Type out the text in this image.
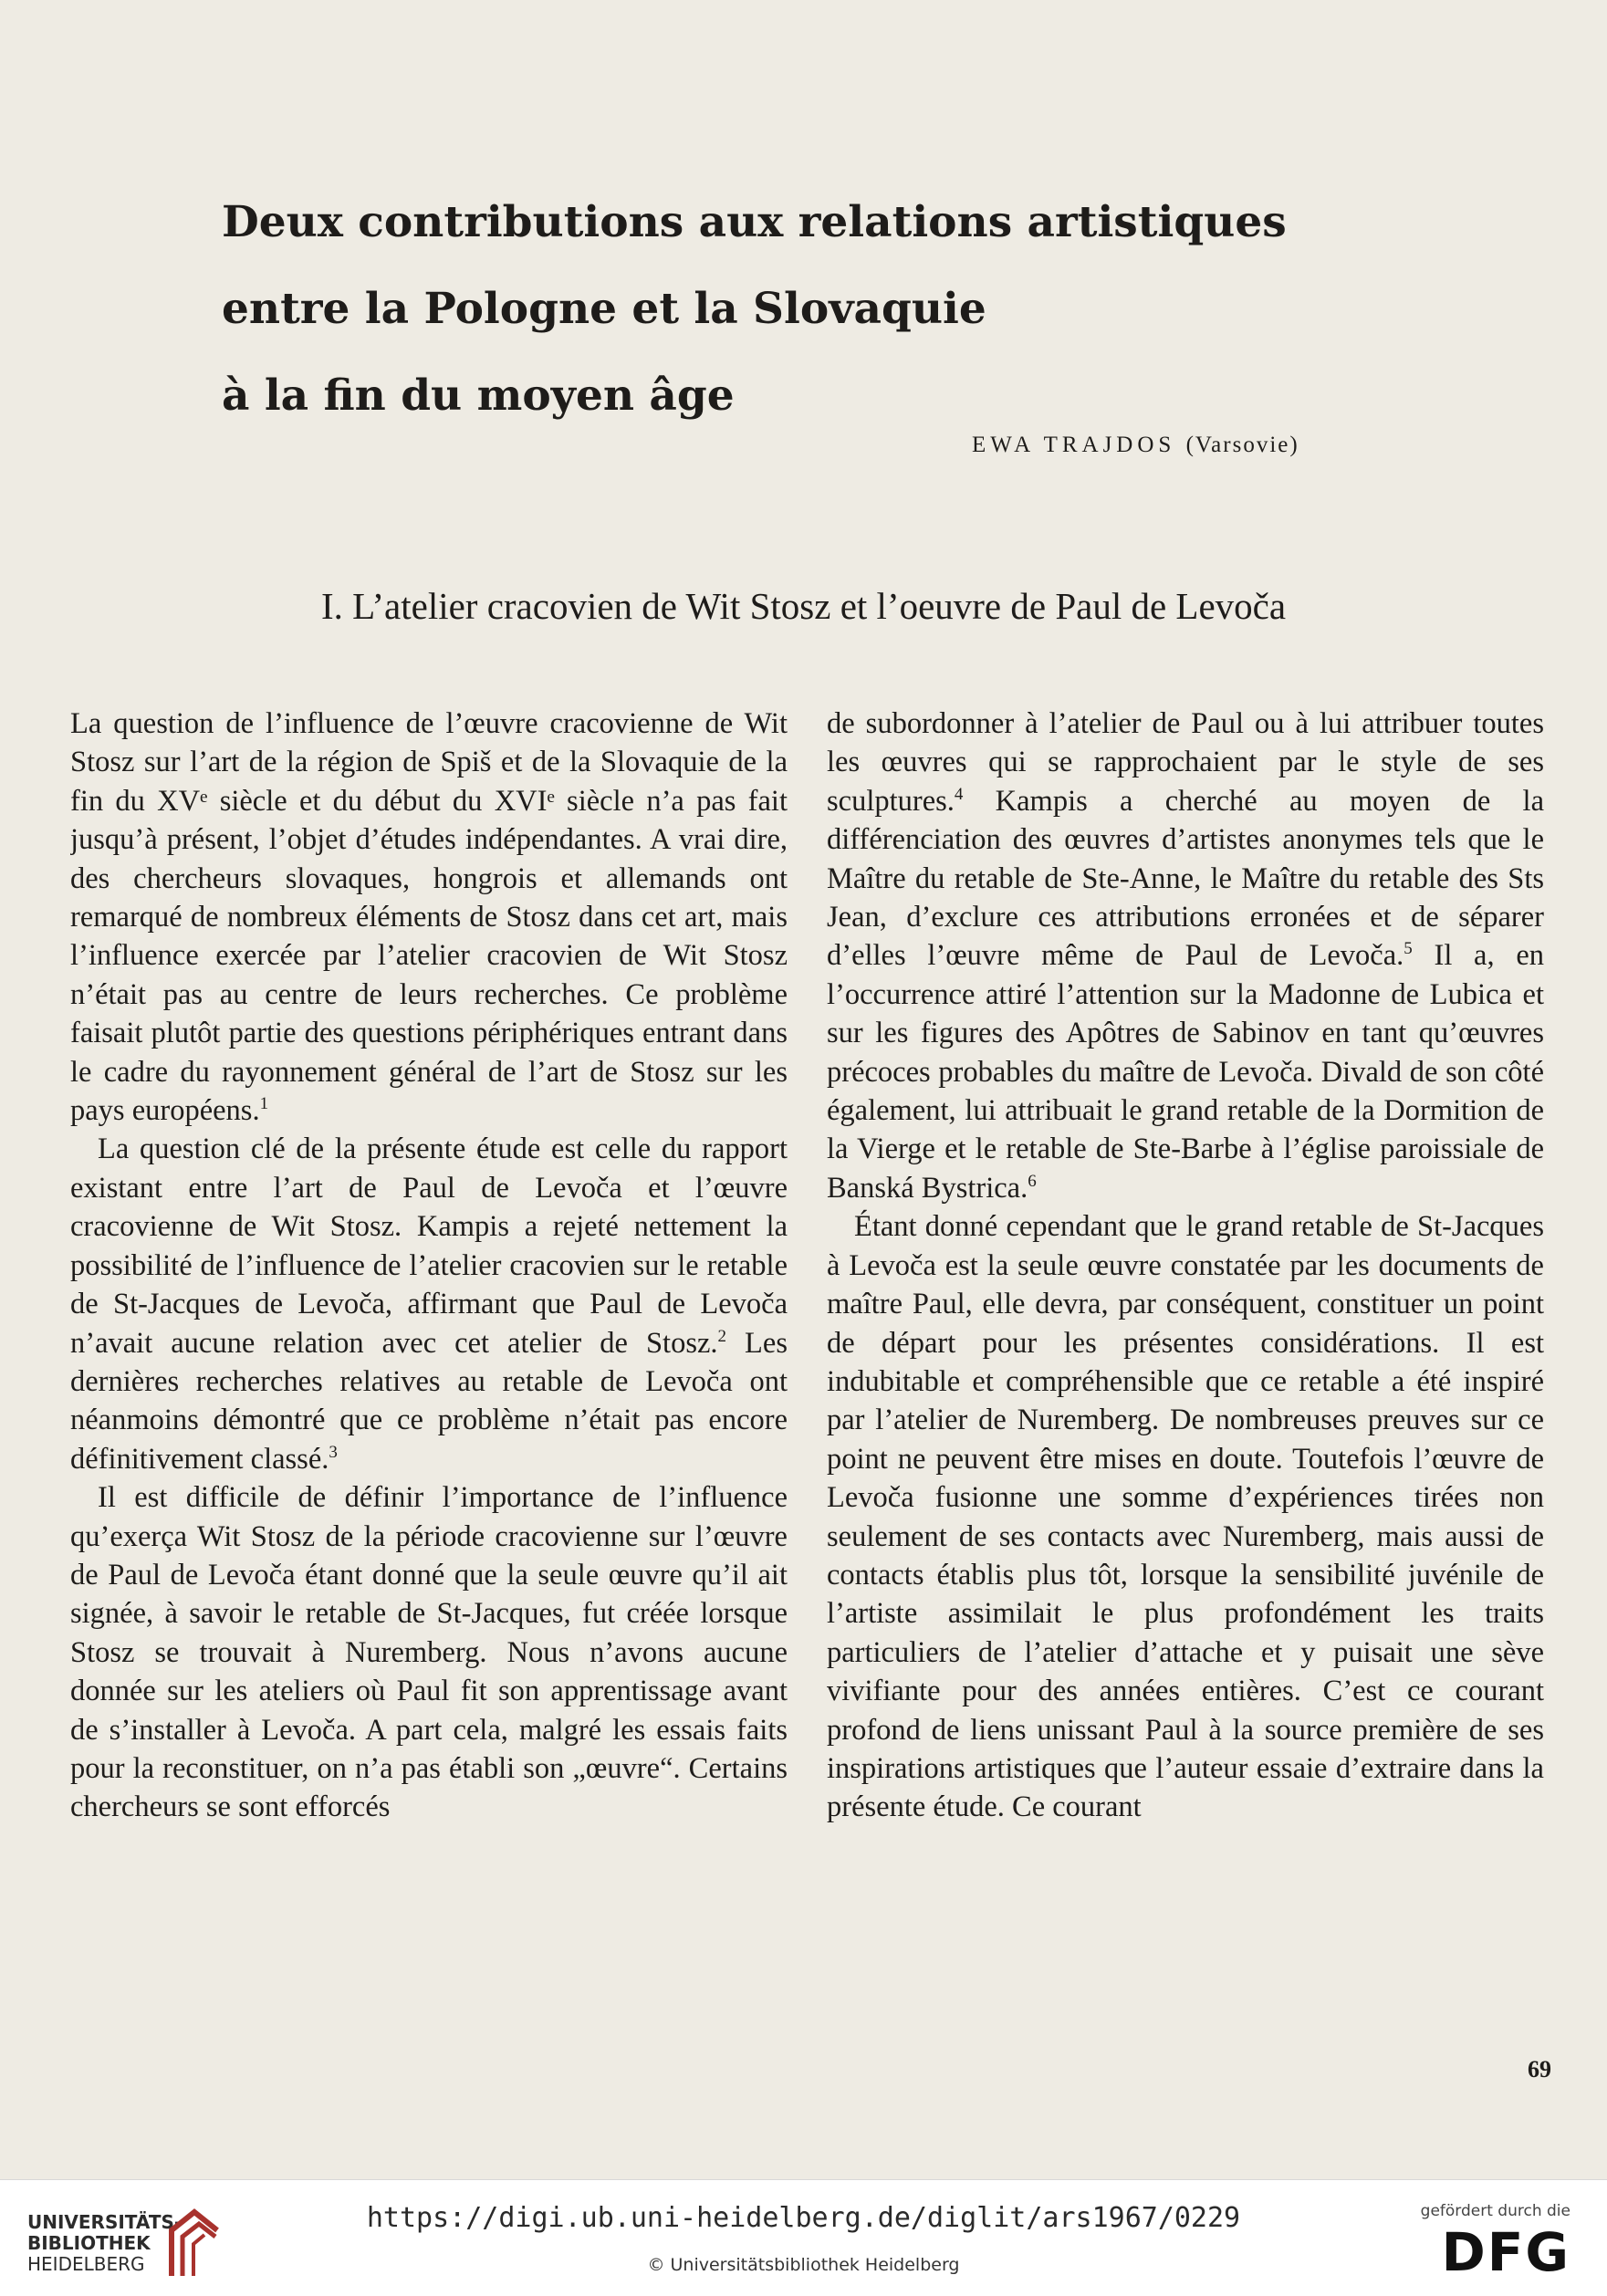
Deux contributions aux relations artistiques
entre la Pologne et la Slovaquie
à la fin du moyen âge
EWA TRAJDOS (Varsovie)
I. L’atelier cracovien de Wit Stosz et l’oeuvre de Paul de Levoča

La question de l’influence de l’œuvre cracovienne de Wit Stosz sur l’art de la région de Spiš et de la Slovaquie de la fin du XVᵉ siècle et du début du XVIᵉ siècle n’a pas fait jusqu’à présent, l’objet d’études indépendantes. A vrai dire, des chercheurs slovaques, hongrois et allemands ont remarqué de nombreux éléments de Stosz dans cet art, mais l’influence exercée par l’atelier cracovien de Wit Stosz n’était pas au centre de leurs recherches. Ce problème faisait plutôt partie des questions périphériques entrant dans le cadre du rayonnement général de l’art de Stosz sur les pays européens.$^1$

La question clé de la présente étude est celle du rapport existant entre l’art de Paul de Levoča et l’œuvre cracovienne de Wit Stosz. Kampis a rejeté nettement la possibilité de l’influence de l’atelier cracovien sur le retable de St-Jacques de Levoča, affirmant que Paul de Levoča n’avait aucune relation avec cet atelier de Stosz.$^2$ Les dernières recherches relatives au retable de Levoča ont néanmoins démontré que ce problème n’était pas encore définitivement classé.$^3$

Il est difficile de définir l’importance de l’influence qu’exerça Wit Stosz de la période cracovienne sur l’œuvre de Paul de Levoča étant donné que la seule œuvre qu’il ait signée, à savoir le retable de St-Jacques, fut créée lorsque Stosz se trouvait à Nuremberg. Nous n’avons aucune donnée sur les ateliers où Paul fit son apprentissage avant de s’installer à Levoča. A part cela, malgré les essais faits pour la reconstituer, on n’a pas établi son „œuvre“. Certains chercheurs se sont efforcés

de subordonner à l’atelier de Paul ou à lui attribuer toutes les œuvres qui se rapprochaient par le style de ses sculptures.$^4$ Kampis a cherché au moyen de la différenciation des œuvres d’artistes anonymes tels que le Maître du retable de Ste-Anne, le Maître du retable des Sts Jean, d’exclure ces attributions erronées et de séparer d’elles l’œuvre même de Paul de Levoča.$^5$ Il a, en l’occurrence attiré l’attention sur la Madonne de Lubica et sur les figures des Apôtres de Sabinov en tant qu’œuvres précoces probables du maître de Levoča. Divald de son côté également, lui attribuait le grand retable de la Dormition de la Vierge et le retable de Ste-Barbe à l’église paroissiale de Banská Bystrica.$^6$

Étant donné cependant que le grand retable de St-Jacques à Levoča est la seule œuvre constatée par les documents de maître Paul, elle devra, par conséquent, constituer un point de départ pour les présentes considérations. Il est indubitable et compréhensible que ce retable a été inspiré par l’atelier de Nuremberg. De nombreuses preuves sur ce point ne peuvent être mises en doute. Toutefois l’œuvre de Levoča fusionne une somme d’expériences tirées non seulement de ses contacts avec Nuremberg, mais aussi de contacts établis plus tôt, lorsque la sensibilité juvénile de l’artiste assimilait le plus profondément les traits particuliers de l’atelier d’attache et y puisait une sève vivifiante pour des années entières. C’est ce courant profond de liens unissant Paul à la source première de ses inspirations artistiques que l’auteur essaie d’extraire dans la présente étude. Ce courant

69
UNIVERSITÄTS-
BIBLIOTHEK
HEIDELBERG
https://digi.ub.uni-heidelberg.de/diglit/ars1967/0229
© Universitätsbibliothek Heidelberg
gefördert durch die
DFG
